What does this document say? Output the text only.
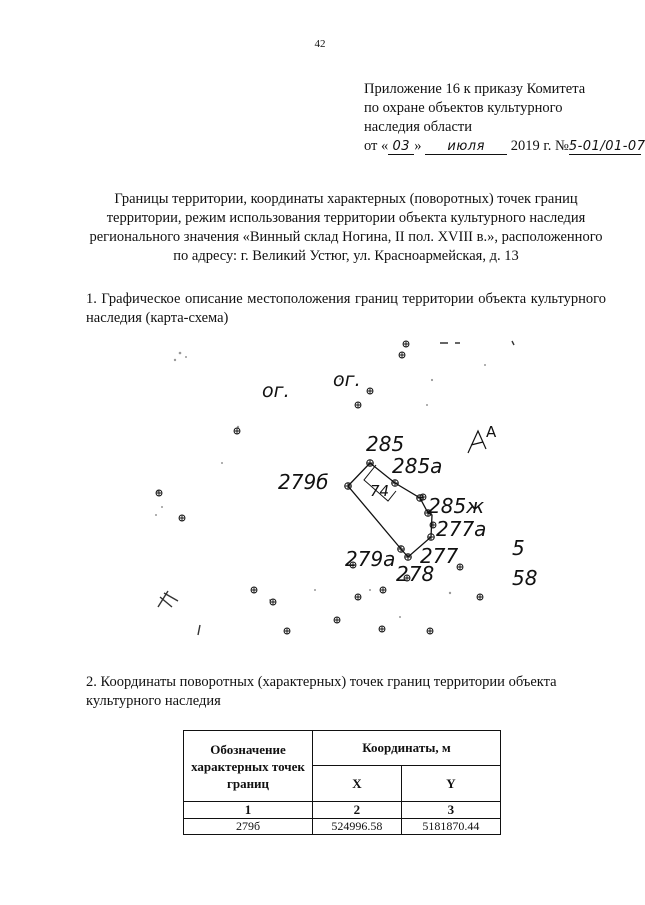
42
Приложение 16 к приказу Комитета
по охране объектов культурного
наследия области
от « 03 » июля 2019 г. №5-01/01-07
Границы территории, координаты характерных (поворотных) точек границ территории, режим использования территории объекта культурного наследия регионального значения «Винный склад Ногина, II пол. XVIII в.», расположенного по адресу: г. Великий Устюг, ул. Красноармейская, д. 13
1. Графическое описание местоположения границ территории объекта культурного наследия (карта-схема)
ог. ог.
285
285а
279б	74
285ж
277а
279а 277
278
А
5
58
2. Координаты поворотных (характерных) точек границ территории объекта культурного наследия
Обозначение характерных точек границ	Координаты, м	
	X	Y
1	2	3
279б	524996.58	5181870.44
